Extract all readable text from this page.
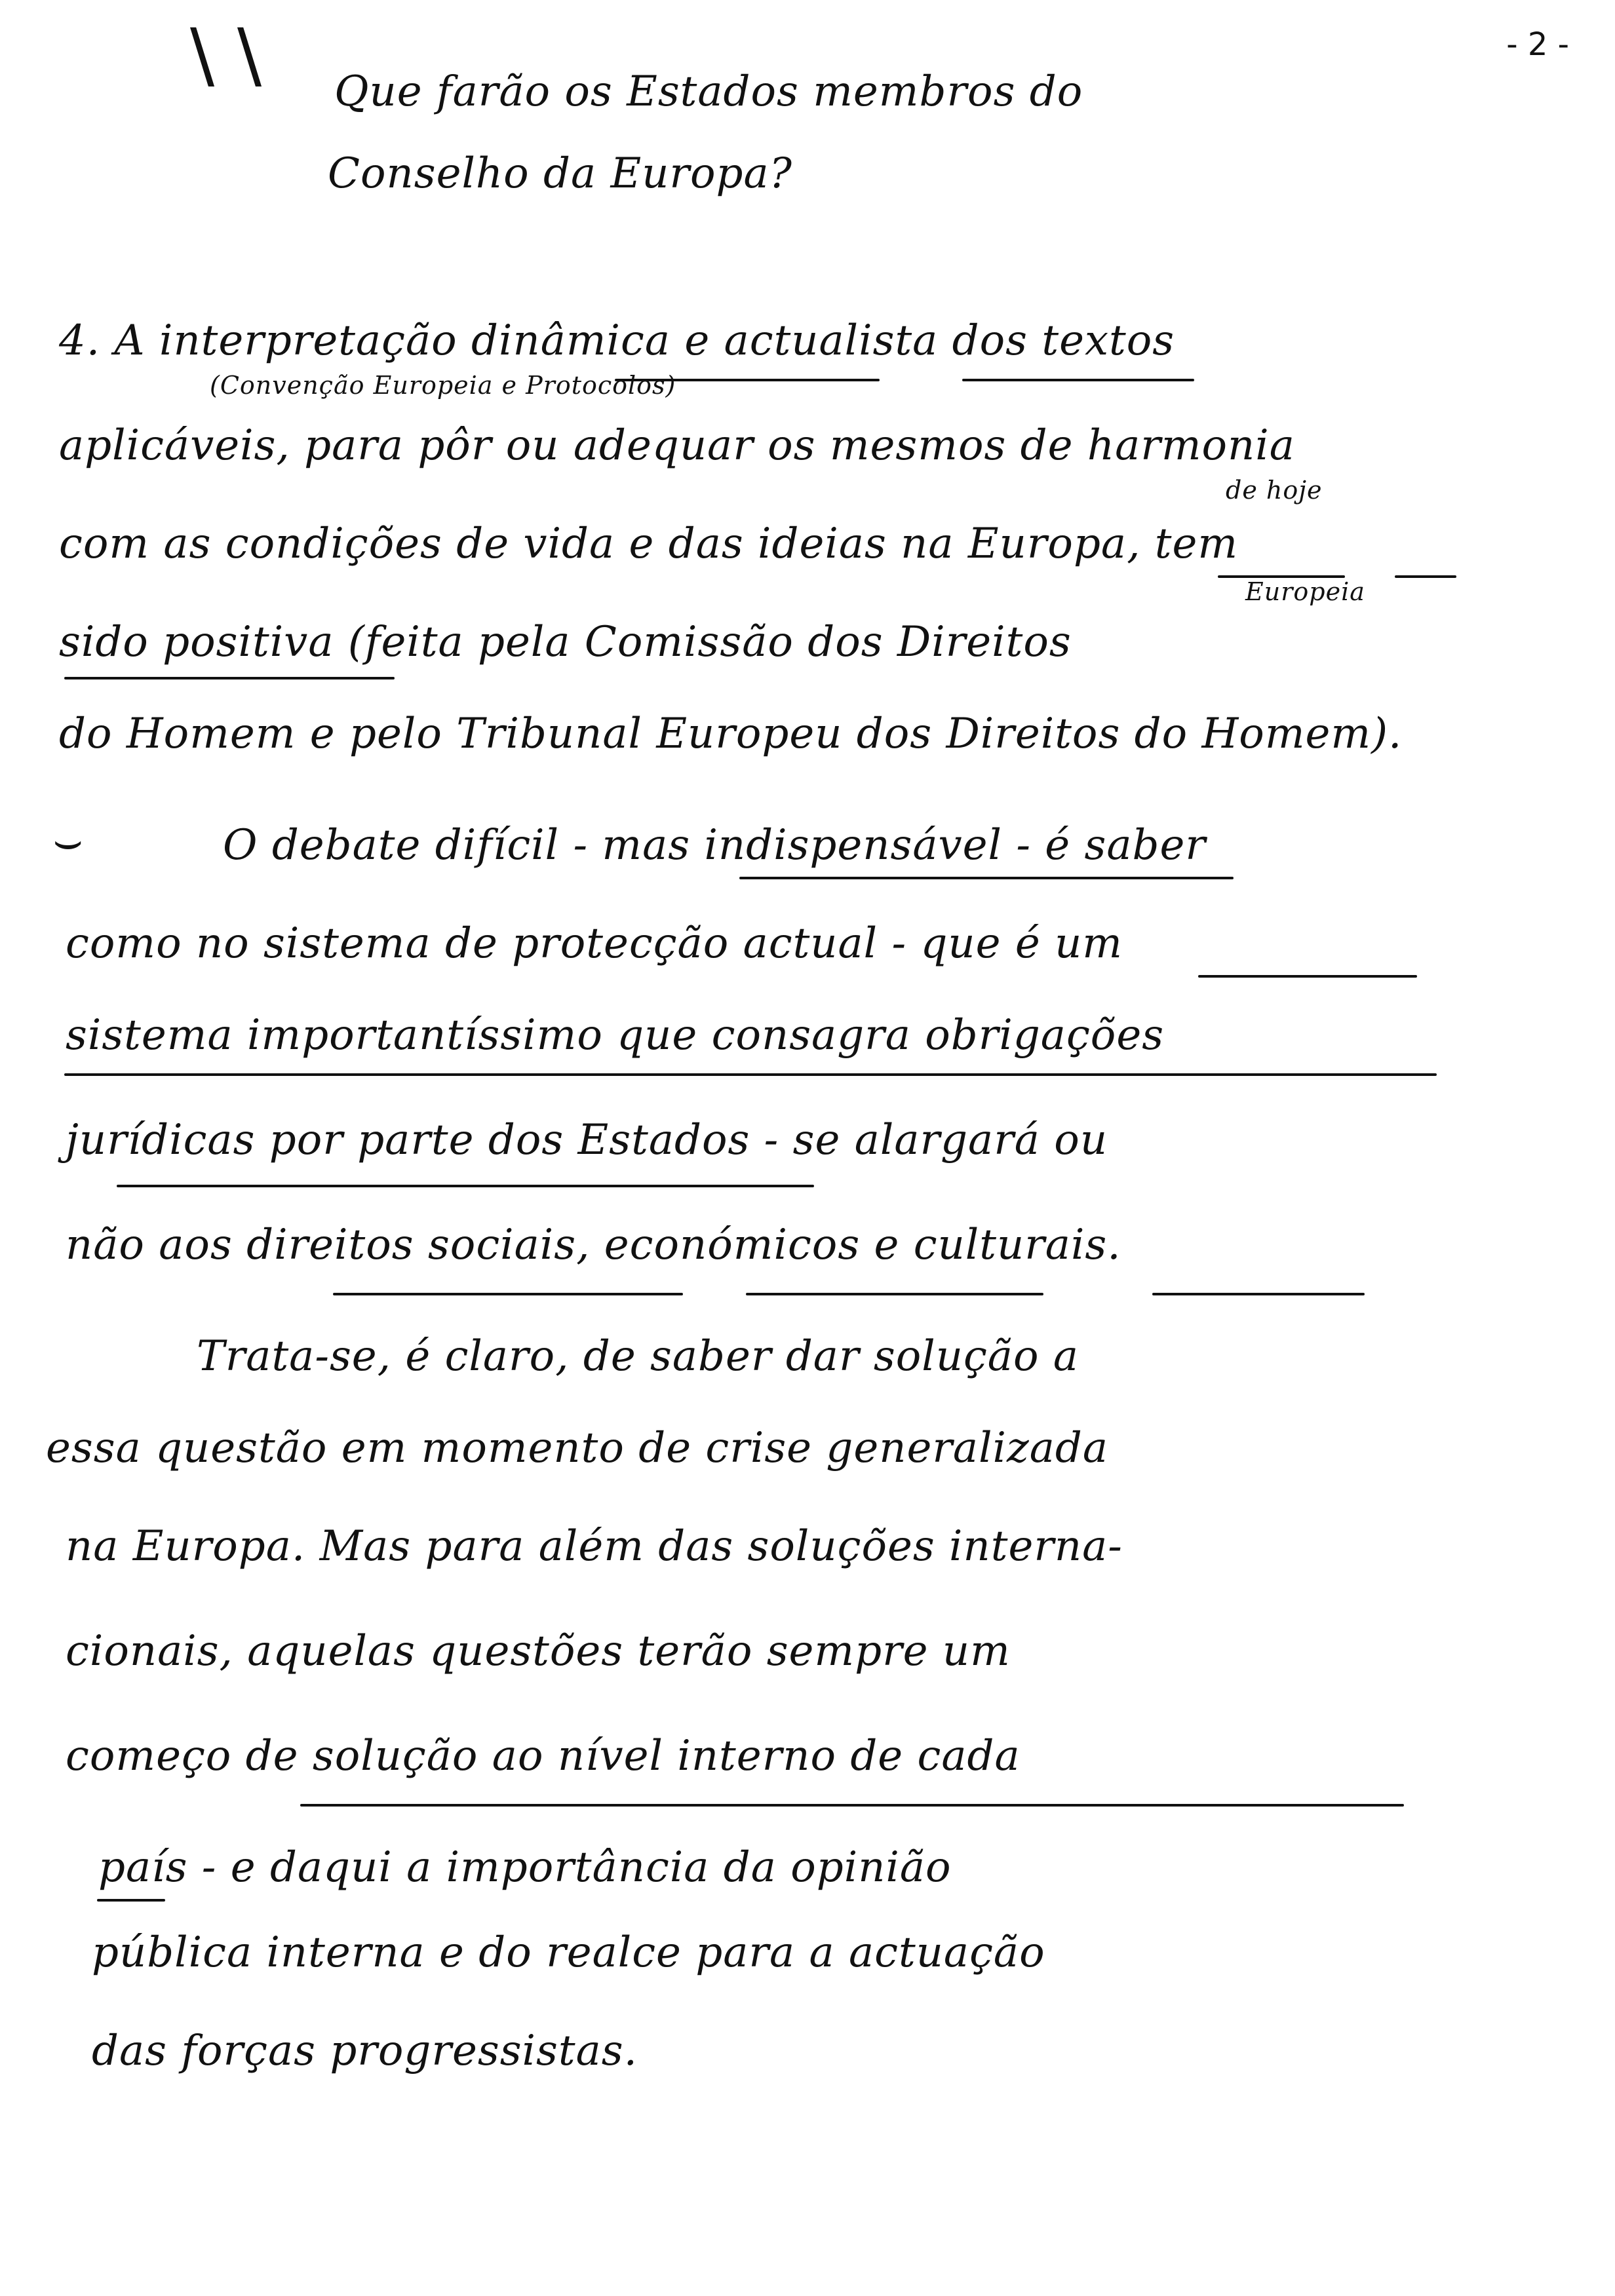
- 2 -
\ \ Que farão os Estados membros do
Conselho da Europa?
4. A interpretação dinâmica e actualista dos textos
(Convenção Europeia e Protocolos)
aplicáveis, para pôr ou adequar os mesmos de harmonia
de hoje
com as condições de vida e das ideias na Europa, tem
Europeia
sido positiva (feita pela Comissão dos Direitos
do Homem e pelo Tribunal Europeu dos Direitos do Homem).
⌣	O debate difícil - mas indispensável - é saber
como no sistema de protecção actual - que é um
sistema importantíssimo que consagra obrigações
jurídicas por parte dos Estados - se alargará ou
não aos direitos sociais, económicos e culturais.
Trata-se, é claro, de saber dar solução a
essa questão em momento de crise generalizada
na Europa. Mas para além das soluções interna-
cionais, aquelas questões terão sempre um
começo de solução ao nível interno de cada
país - e daqui a importância da opinião
pública interna e do realce para a actuação
das forças progressistas.
